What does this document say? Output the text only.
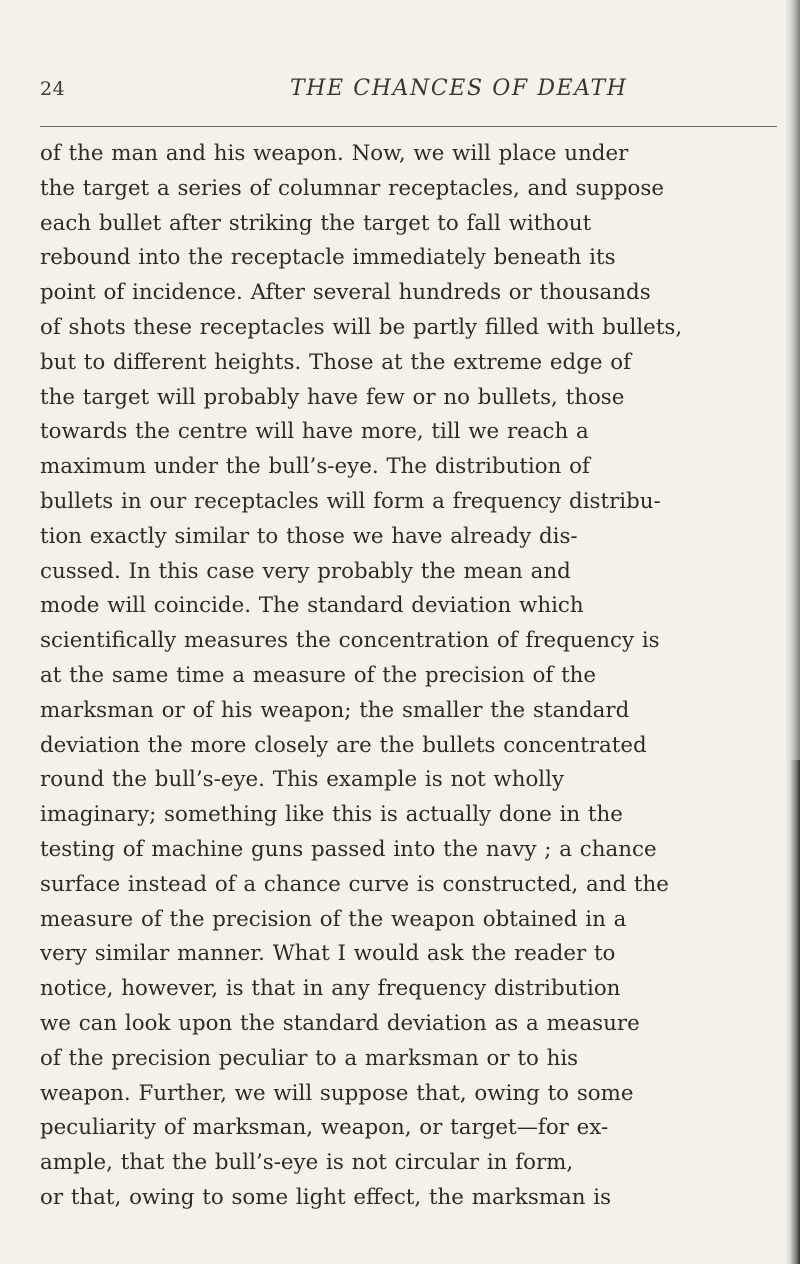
24	THE CHANCES OF DEATH
of the man and his weapon. Now, we will place under
the target a series of columnar receptacles, and suppose
each bullet after striking the target to fall without
rebound into the receptacle immediately beneath its
point of incidence. After several hundreds or thousands
of shots these receptacles will be partly filled with bullets,
but to different heights. Those at the extreme edge of
the target will probably have few or no bullets, those
towards the centre will have more, till we reach a
maximum under the bull’s-eye. The distribution of
bullets in our receptacles will form a frequency distribu-
tion exactly similar to those we have already dis-
cussed. In this case very probably the mean and
mode will coincide. The standard deviation which
scientifically measures the concentration of frequency is
at the same time a measure of the precision of the
marksman or of his weapon; the smaller the standard
deviation the more closely are the bullets concentrated
round the bull’s-eye. This example is not wholly
imaginary; something like this is actually done in the
testing of machine guns passed into the navy ; a chance
surface instead of a chance curve is constructed, and the
measure of the precision of the weapon obtained in a
very similar manner. What I would ask the reader to
notice, however, is that in any frequency distribution
we can look upon the standard deviation as a measure
of the precision peculiar to a marksman or to his
weapon. Further, we will suppose that, owing to some
peculiarity of marksman, weapon, or target—for ex-
ample, that the bull’s-eye is not circular in form,
or that, owing to some light effect, the marksman is
